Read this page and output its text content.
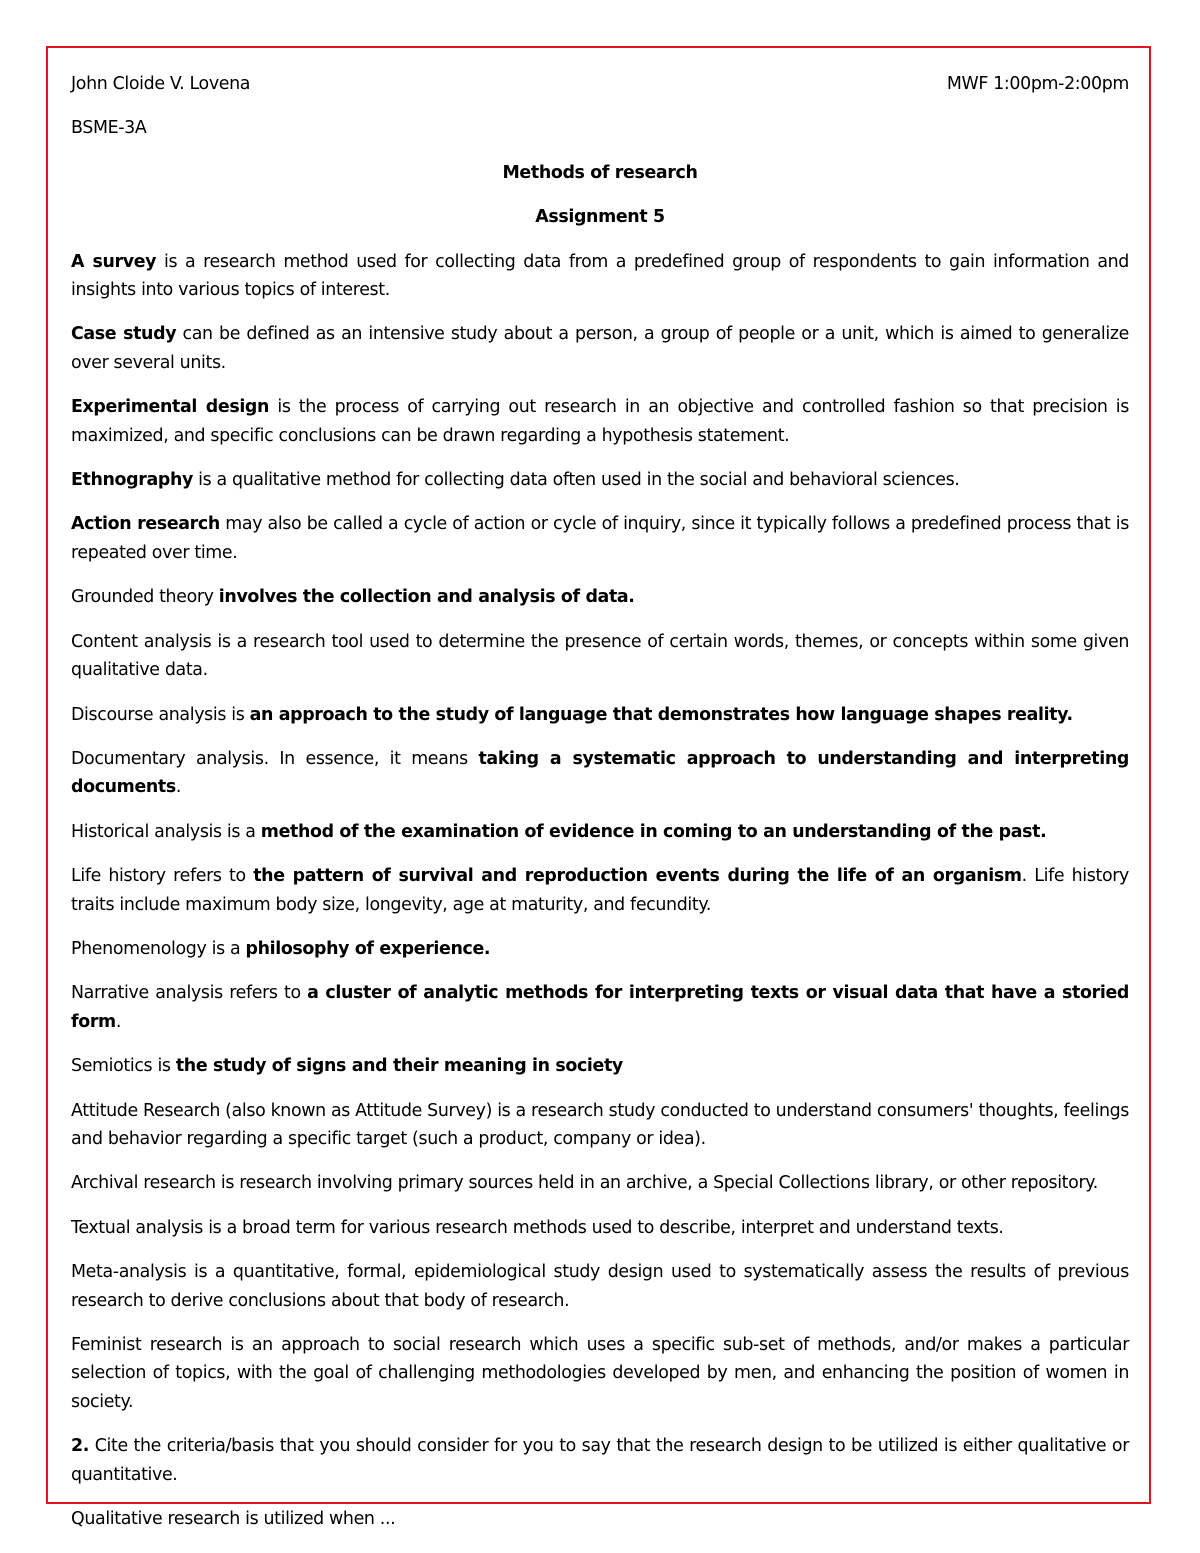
John Cloide V. Lovena	MWF 1:00pm-2:00pm
BSME-3A
Methods of research
Assignment 5

A survey is a research method used for collecting data from a predefined group of respondents to gain information and insights into various topics of interest.

Case study can be defined as an intensive study about a person, a group of people or a unit, which is aimed to generalize over several units.

Experimental design is the process of carrying out research in an objective and controlled fashion so that precision is maximized, and specific conclusions can be drawn regarding a hypothesis statement.

Ethnography is a qualitative method for collecting data often used in the social and behavioral sciences.

Action research may also be called a cycle of action or cycle of inquiry, since it typically follows a predefined process that is repeated over time.

Grounded theory involves the collection and analysis of data.

Content analysis is a research tool used to determine the presence of certain words, themes, or concepts within some given qualitative data.

Discourse analysis is an approach to the study of language that demonstrates how language shapes reality.

Documentary analysis. In essence, it means taking a systematic approach to understanding and interpreting documents.

Historical analysis is a method of the examination of evidence in coming to an understanding of the past.

Life history refers to the pattern of survival and reproduction events during the life of an organism. Life history traits include maximum body size, longevity, age at maturity, and fecundity.

Phenomenology is a philosophy of experience.

Narrative analysis refers to a cluster of analytic methods for interpreting texts or visual data that have a storied form.

Semiotics is the study of signs and their meaning in society

Attitude Research (also known as Attitude Survey) is a research study conducted to understand consumers' thoughts, feelings and behavior regarding a specific target (such a product, company or idea).

Archival research is research involving primary sources held in an archive, a Special Collections library, or other repository.

Textual analysis is a broad term for various research methods used to describe, interpret and understand texts.

Meta-analysis is a quantitative, formal, epidemiological study design used to systematically assess the results of previous research to derive conclusions about that body of research.

Feminist research is an approach to social research which uses a specific sub-set of methods, and/or makes a particular selection of topics, with the goal of challenging methodologies developed by men, and enhancing the position of women in society.

2. Cite the criteria/basis that you should consider for you to say that the research design to be utilized is either qualitative or quantitative.

Qualitative research is utilized when ...
